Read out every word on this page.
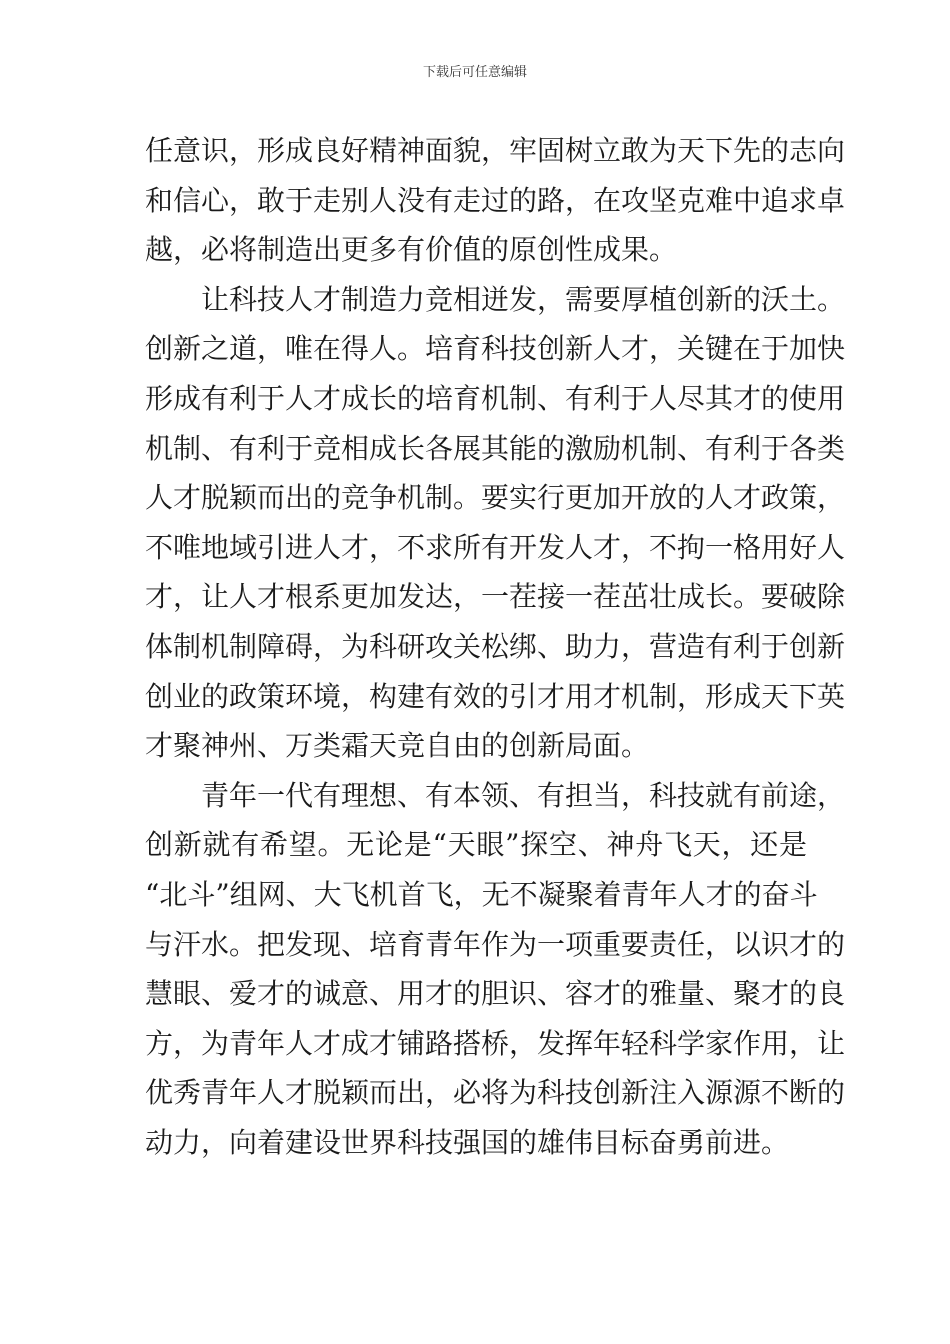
下载后可任意编辑
任意识，形成良好精神面貌，牢固树立敢为天下先的志向
和信心，敢于走别人没有走过的路，在攻坚克难中追求卓
越，必将制造出更多有价值的原创性成果。
让科技人才制造力竞相迸发，需要厚植创新的沃土。
创新之道，唯在得人。培育科技创新人才，关键在于加快
形成有利于人才成长的培育机制、有利于人尽其才的使用
机制、有利于竞相成长各展其能的激励机制、有利于各类
人才脱颖而出的竞争机制。要实行更加开放的人才政策，
不唯地域引进人才，不求所有开发人才，不拘一格用好人
才，让人才根系更加发达，一茬接一茬茁壮成长。要破除
体制机制障碍，为科研攻关松绑、助力，营造有利于创新
创业的政策环境，构建有效的引才用才机制，形成天下英
才聚神州、万类霜天竞自由的创新局面。
青年一代有理想、有本领、有担当，科技就有前途，
创新就有希望。无论是“天眼”探空、神舟飞天，还是
“北斗”组网、大飞机首飞，无不凝聚着青年人才的奋斗
与汗水。把发现、培育青年作为一项重要责任，以识才的
慧眼、爱才的诚意、用才的胆识、容才的雅量、聚才的良
方，为青年人才成才铺路搭桥，发挥年轻科学家作用，让
优秀青年人才脱颖而出，必将为科技创新注入源源不断的
动力，向着建设世界科技强国的雄伟目标奋勇前进。
